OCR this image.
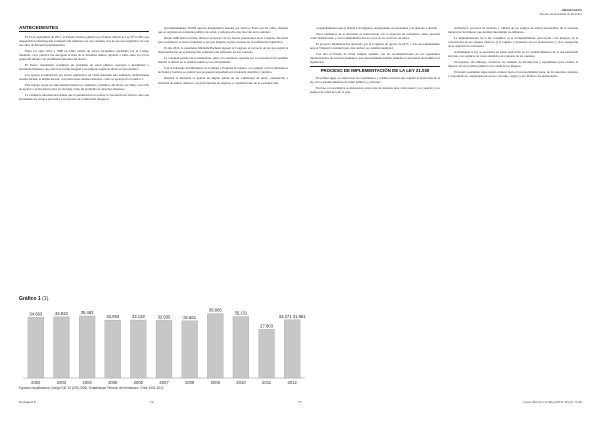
ORIGINALES
Aborto: un problema de derechos
ANTECEDENTES

El 23 de septiembre de 2017, el Estado Chileno publicó en el Diario Oficial la Ley N°21.030, que despenaliza la interrupción voluntaria del embarazo en tres causales, tras un proceso legislativo de casi tres años de discusión parlamentaria.

Entre los años 1931 y 1989 en Chile existió un aborto terapéutico permitido por el Código Sanitario, cuya práctica fue derogada al final de la dictadura militar, dejando a Chile entre los pocos países del mundo con prohibición absoluta del aborto.

El aborto clandestino constituye un problema de salud pública, asociado a morbilidad y mortalidad materna, que afecta de forma desigual a las mujeres según su nivel socioeconómico.

Los egresos hospitalarios por aborto registrados en Chile muestran una tendencia relativamente estable durante la última década, con variaciones anuales menores, como se aprecia en el Gráfico 1.

Este trabajo revisa los antecedentes históricos, sanitarios y jurídicos del aborto en Chile, con el fin de aportar a la discusión sobre su abordaje como un problema de derechos humanos.

La evidencia internacional señala que la penalización no reduce la frecuencia de abortos, sino que incrementa los riesgos asociados a su práctica en condiciones inseguras.

aproximadamente 30.000 egresos hospitalarios anuales por abortos. Estas son las cifras oficiales que se registran en el sistema público de salud, y reflejan sólo una fracción de la realidad.

Desde 1990 hasta la fecha, diversos proyectos de ley fueron presentados en el Congreso Nacional para restablecer el aborto terapéutico, sin que ninguno lograra avanzar en su tramitación legislativa.

El año 2014, la presidenta Michelle Bachelet ingresó al Congreso el proyecto de ley que regula la despenalización de la interrupción voluntaria del embarazo en tres causales.

La voluntad política de la mandataria, junto a la evidencia aportada por la sociedad civil, permitió instalar el debate en la opinión pública y en el Parlamento.

Con el liderazgo del Ministerio de la Mujer y Equidad de Género, en conjunto con los ministerios de Salud y Justicia, se elaboró una propuesta respaldada por evidencia científica y jurídica.

Durante la discusión se generó un amplio debate en las comisiones de salud, constitución y hacienda de ambas cámaras, con participación de expertos y organizaciones de la sociedad civil.

Gráfico 1 (1).
34.663
2002
34.923
2003
35.463
2004
33.093
2005
33.133
2006
32.935
2007
32.661
2008
36.805
2009
35.131
2010
27.803
2011
33.271 31.961
2012
Egresos hospitalarios Código CIE 10 (O00-O08). Estadísticas Termino del embarazo. Chile 2001-2012

acompañamiento que se brinda a las mujeres, resguardando su autonomía y su derecho a decidir.

Otros elementos de la discusión se relacionaron con la objeción de conciencia, tanto personal como institucional, y con la implementación de la ley en los servicios de salud.

El proyecto finalmente fue aprobado por el Congreso en agosto de 2017, y tras un requerimiento ante el Tribunal Constitucional, éste declaró su constitucionalidad.

Con ello el Estado de Chile cumple, además, con las recomendaciones de los organismos internacionales de derechos humanos, que reiteradamente habían señalado la necesidad de modificar la legislación.

PROCESO DE IMPLEMENTACIÓN DE LA LEY 21.030

En primer lugar, se elaboraron los reglamentos y normas técnicas que regulan la aplicación de la ley en los establecimientos de salud públicos y privados.

En base a la normativa se elaboraron protocolos de atención para cada causal, y se capacitó a los equipos de salud de todo el país.

normativos, procesos de atención y calidad de los equipos de salud responsables de la atención integral de las mujeres que deciden interrumpir su embarazo.

La implementación de la ley considera: a) el acompañamiento psicosocial a las mujeres; b) la capacitación de los equipos clínicos; c) el registro y monitoreo de las prestaciones; y d) la regulación de la objeción de conciencia.

Actualmente la ley se encuentra en plena aplicación en los establecimientos de la red asistencial del país, con registros de casos atendidos en cada una de las causales.

Se requiere, sin embargo, fortalecer los sistemas de información y seguimiento para evaluar el impacto de esta política pública en la salud de las mujeres.

El desafío pendiente sigue siendo avanzar hacia el reconocimiento pleno de los derechos sexuales y reproductivos, asegurando un acceso oportuno, seguro y de calidad a las prestaciones.

Rodríguez P.	74	75	Cuad. Méd Soc (Chile) 2018, 58 (2): 73-82
